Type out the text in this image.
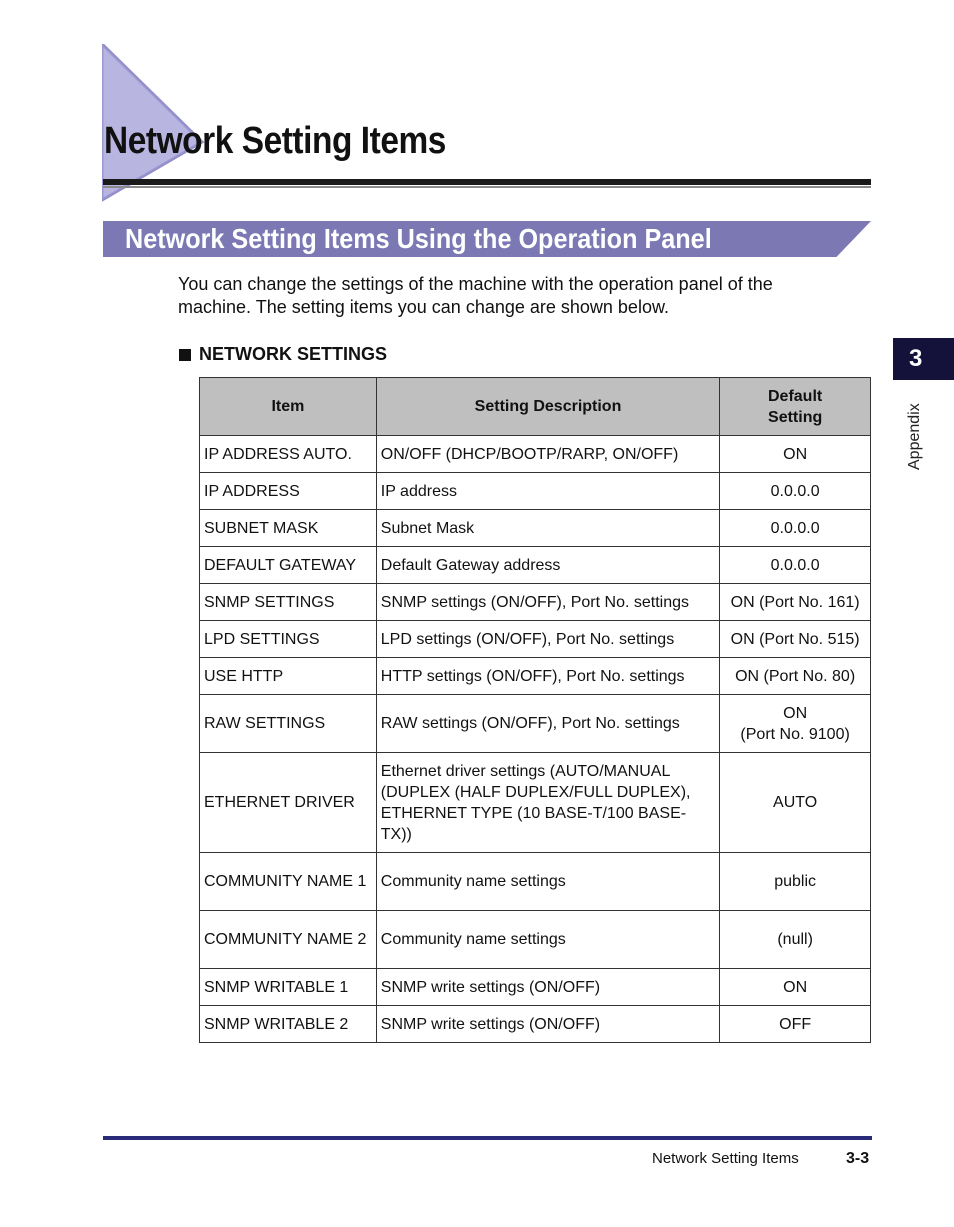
Network Setting Items
Network Setting Items Using the Operation Panel

You can change the settings of the machine with the operation panel of the machine. The setting items you can change are shown below.

NETWORK SETTINGS
Item	Setting Description	Default
Setting
IP ADDRESS AUTO.	ON/OFF (DHCP/BOOTP/RARP, ON/OFF)	ON
IP ADDRESS	IP address	0.0.0.0
SUBNET MASK	Subnet Mask	0.0.0.0
DEFAULT GATEWAY	Default Gateway address	0.0.0.0
SNMP SETTINGS	SNMP settings (ON/OFF), Port No. settings	ON (Port No. 161)
LPD SETTINGS	LPD settings (ON/OFF), Port No. settings	ON (Port No. 515)
USE HTTP	HTTP settings (ON/OFF), Port No. settings	ON (Port No. 80)
RAW SETTINGS	RAW settings (ON/OFF), Port No. settings	ON
(Port No. 9100)
ETHERNET DRIVER	Ethernet driver settings (AUTO/MANUAL (DUPLEX (HALF DUPLEX/FULL DUPLEX), ETHERNET TYPE (10 BASE-T/100 BASE-TX))	AUTO
COMMUNITY NAME 1	Community name settings	public
COMMUNITY NAME 2	Community name settings	(null)
SNMP WRITABLE 1	SNMP write settings (ON/OFF)	ON
SNMP WRITABLE 2	SNMP write settings (ON/OFF)	OFF
3
Appendix
Network Setting Items	3-3
